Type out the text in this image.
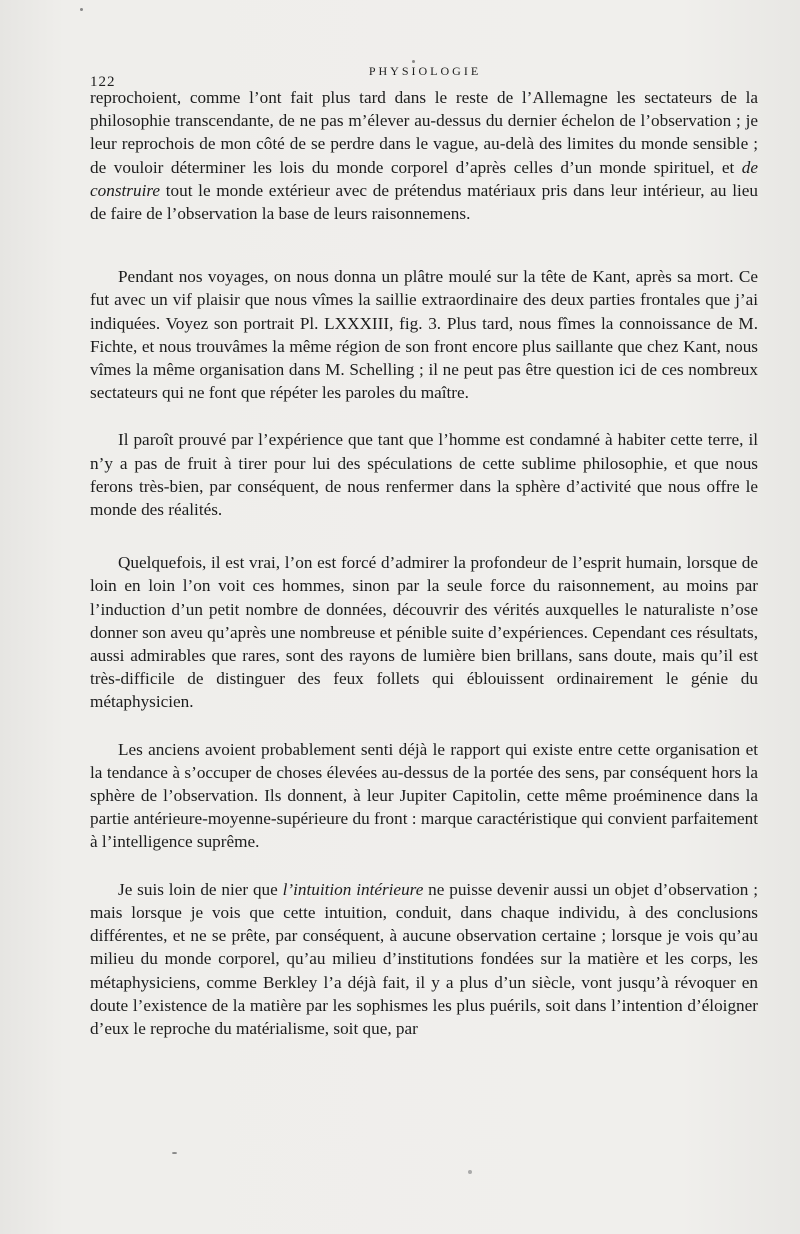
122
PHYSIOLOGIE

reprochoient, comme l’ont fait plus tard dans le reste de l’Allemagne les sectateurs de la philosophie transcendante, de ne pas m’élever au-dessus du dernier échelon de l’observation ; je leur reprochois de mon côté de se perdre dans le vague, au-delà des limites du monde sensible ; de vouloir déterminer les lois du monde corporel d’après celles d’un monde spirituel, et de construire tout le monde extérieur avec de prétendus matériaux pris dans leur intérieur, au lieu de faire de l’observation la base de leurs raisonnemens.

Pendant nos voyages, on nous donna un plâtre moulé sur la tête de Kant, après sa mort. Ce fut avec un vif plaisir que nous vîmes la saillie extraordinaire des deux parties frontales que j’ai indiquées. Voyez son portrait Pl. LXXXIII, fig. 3. Plus tard, nous fîmes la connoissance de M. Fichte, et nous trouvâmes la même région de son front encore plus saillante que chez Kant, nous vîmes la même organisation dans M. Schelling ; il ne peut pas être question ici de ces nombreux sectateurs qui ne font que répéter les paroles du maître.

Il paroît prouvé par l’expérience que tant que l’homme est condamné à habiter cette terre, il n’y a pas de fruit à tirer pour lui des spéculations de cette sublime philosophie, et que nous ferons très-bien, par conséquent, de nous renfermer dans la sphère d’activité que nous offre le monde des réalités.

Quelquefois, il est vrai, l’on est forcé d’admirer la profondeur de l’esprit humain, lorsque de loin en loin l’on voit ces hommes, sinon par la seule force du raisonnement, au moins par l’induction d’un petit nombre de données, découvrir des vérités auxquelles le naturaliste n’ose donner son aveu qu’après une nombreuse et pénible suite d’expériences. Cependant ces résultats, aussi admirables que rares, sont des rayons de lumière bien brillans, sans doute, mais qu’il est très-difficile de distinguer des feux follets qui éblouissent ordinairement le génie du métaphysicien.

Les anciens avoient probablement senti déjà le rapport qui existe entre cette organisation et la tendance à s’occuper de choses élevées au-dessus de la portée des sens, par conséquent hors la sphère de l’observation. Ils donnent, à leur Jupiter Capitolin, cette même proéminence dans la partie antérieure-moyenne-supérieure du front : marque caractéristique qui convient parfaitement à l’intelligence suprême.

Je suis loin de nier que l’intuition intérieure ne puisse devenir aussi un objet d’observation ; mais lorsque je vois que cette intuition, conduit, dans chaque individu, à des conclusions différentes, et ne se prête, par conséquent, à aucune observation certaine ; lorsque je vois qu’au milieu du monde corporel, qu’au milieu d’institutions fondées sur la matière et les corps, les métaphysiciens, comme Berkley l’a déjà fait, il y a plus d’un siècle, vont jusqu’à révoquer en doute l’existence de la matière par les sophismes les plus puérils, soit dans l’intention d’éloigner d’eux le reproche du matérialisme, soit que, par
